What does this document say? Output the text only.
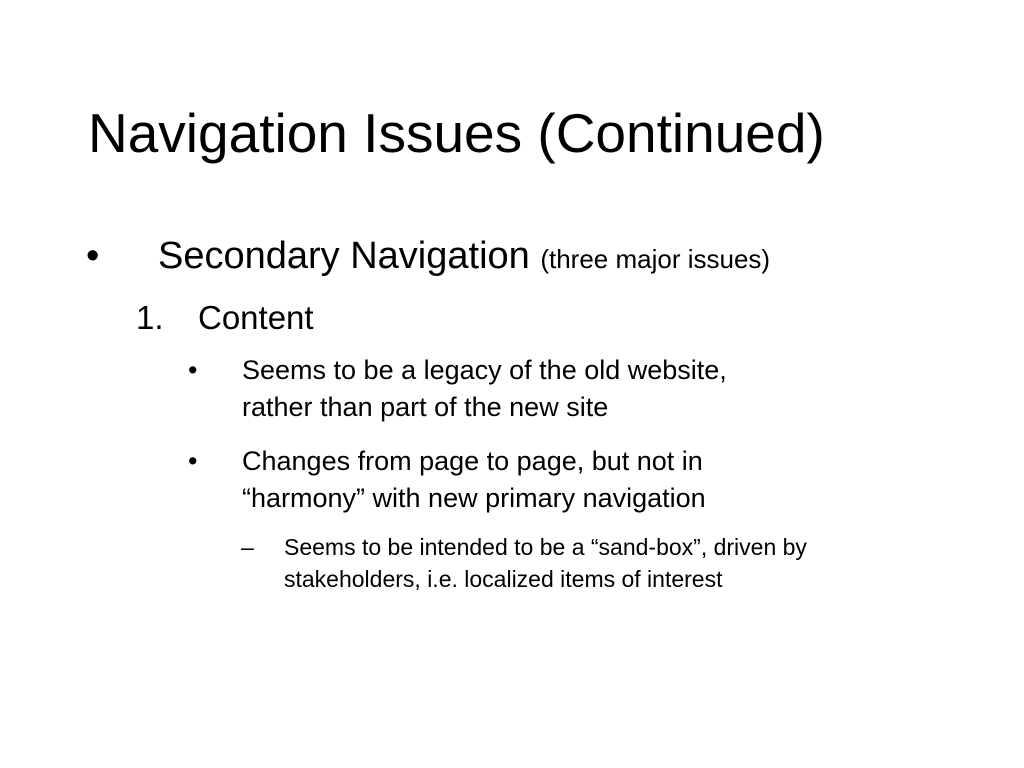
Navigation Issues (Continued)
• Secondary Navigation (three major issues)
1. Content
• Seems to be a legacy of the old website,
rather than part of the new site
• Changes from page to page, but not in
“harmony” with new primary navigation
– Seems to be intended to be a “sand-box”, driven by
stakeholders, i.e. localized items of interest
